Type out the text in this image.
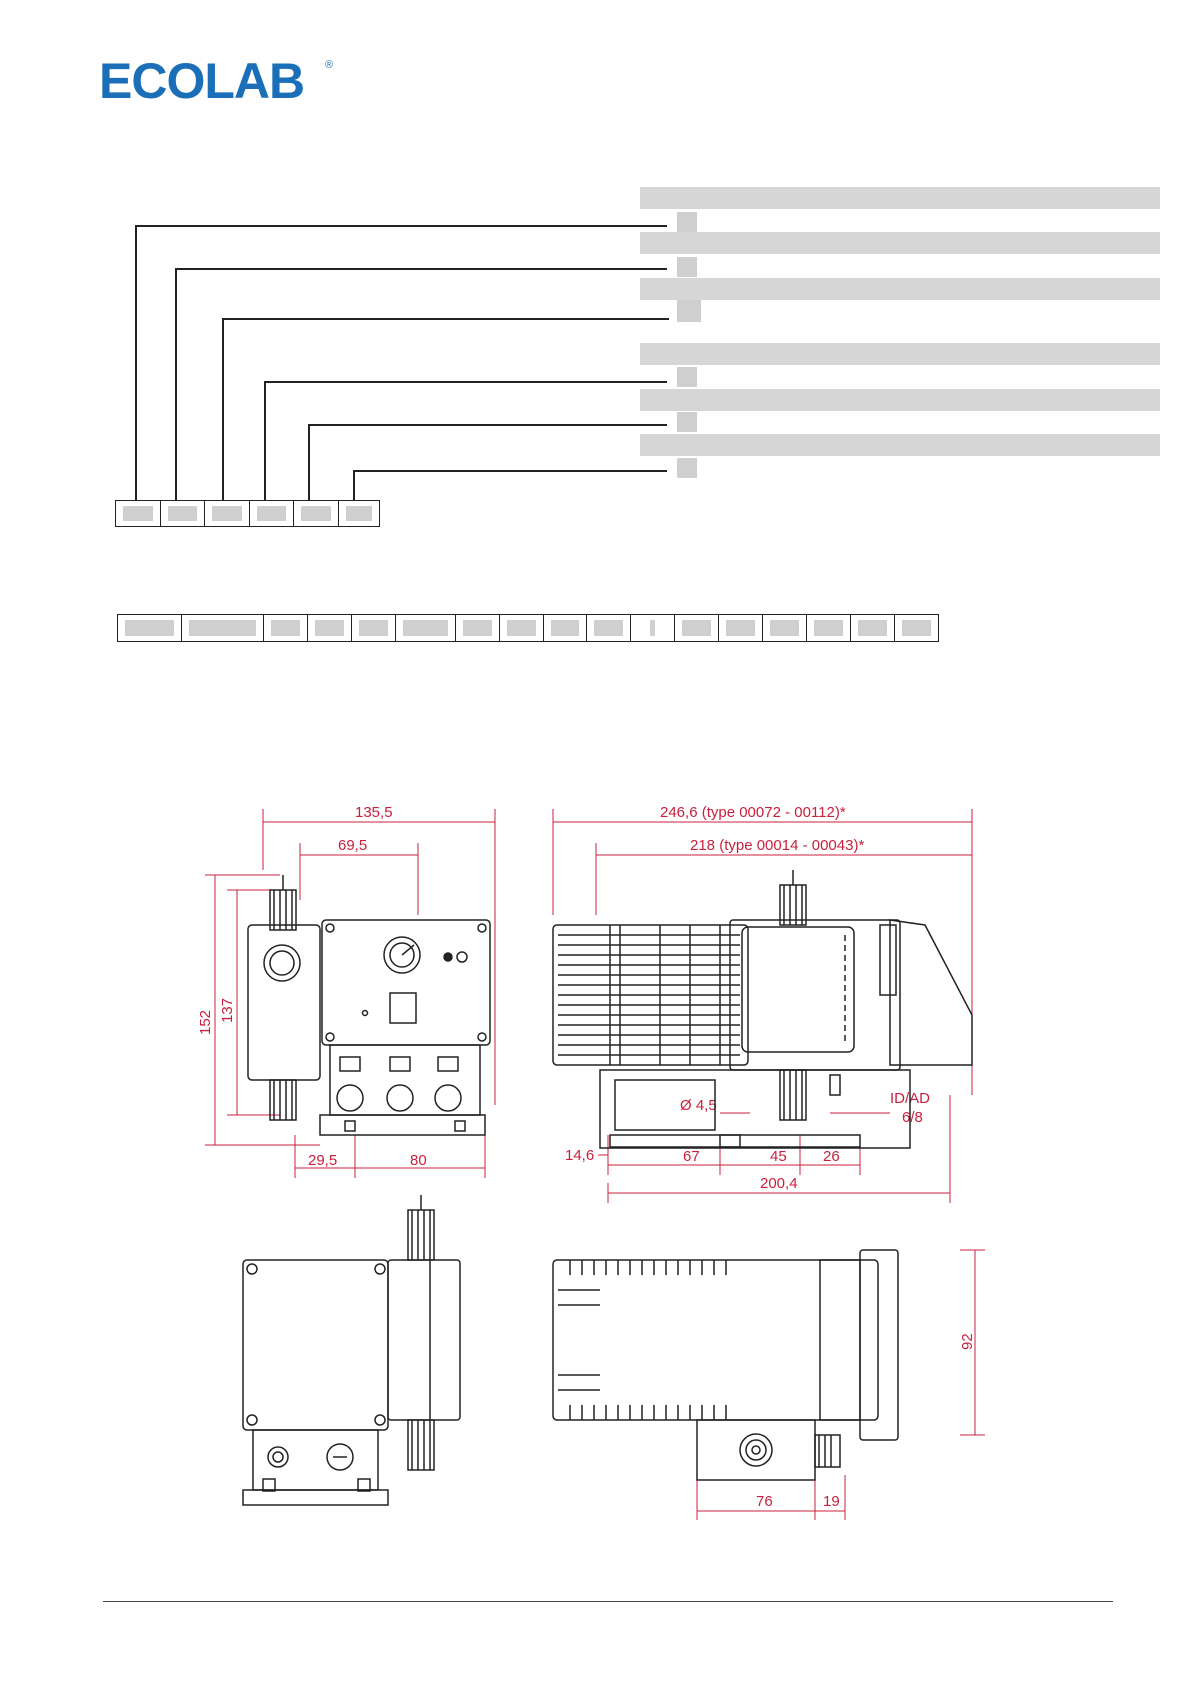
ECOLAB ®
135,5
69,5
152 137
29,5	80
246,6 (type 00072 - 00112)*
218 (type 00014 - 00043)*
Ø 4,5	ID/AD
6/8
14,6	67	45 26
200,4
92
76	19
